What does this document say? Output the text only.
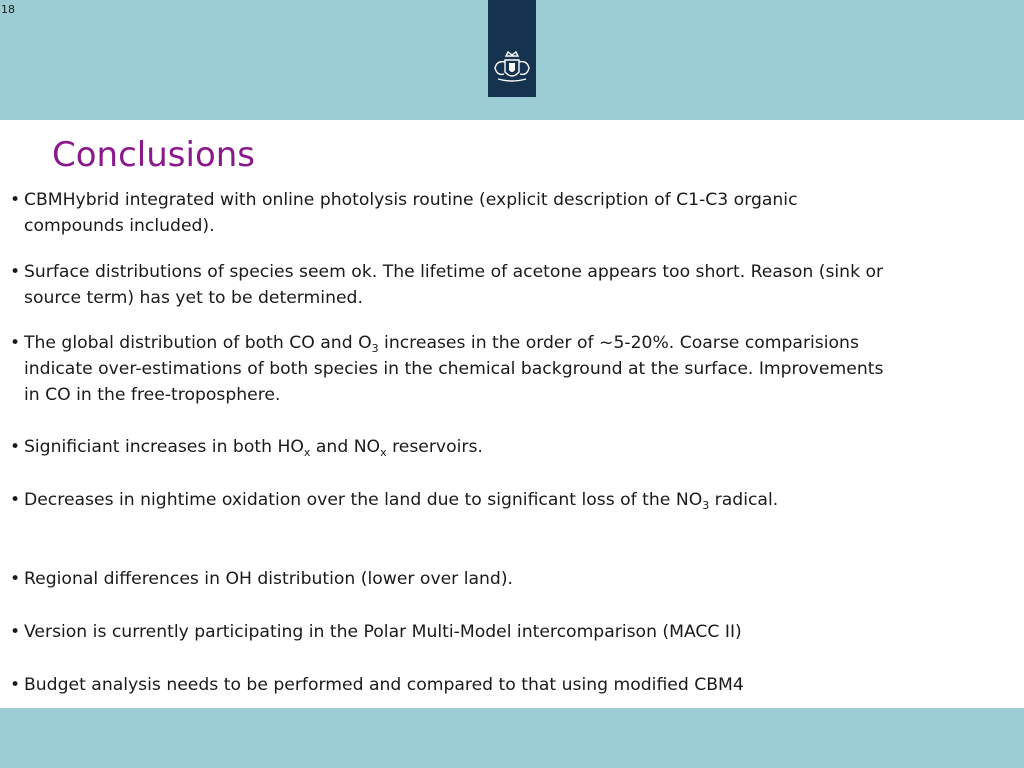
18
Conclusions
• CBMHybrid integrated with online photolysis routine (explicit description of C1-C3 organic compounds included).
• Surface distributions of species seem ok. The lifetime of acetone appears too short. Reason (sink or source term) has yet to be determined.
• The global distribution of both CO and $O_3$ increases in the order of ~5-20%. Coarse comparisions indicate over-estimations of both species in the chemical background at the surface. Improvements in CO in the free-troposphere.
• Significiant increases in both $HO_x$ and $NO_x$ reservoirs.
• Decreases in nightime oxidation over the land due to significant loss of the $NO_3$ radical.
• Regional differences in OH distribution (lower over land).
• Version is currently participating in the Polar Multi-Model intercomparison (MACC II)
• Budget analysis needs to be performed and compared to that using modified CBM4
